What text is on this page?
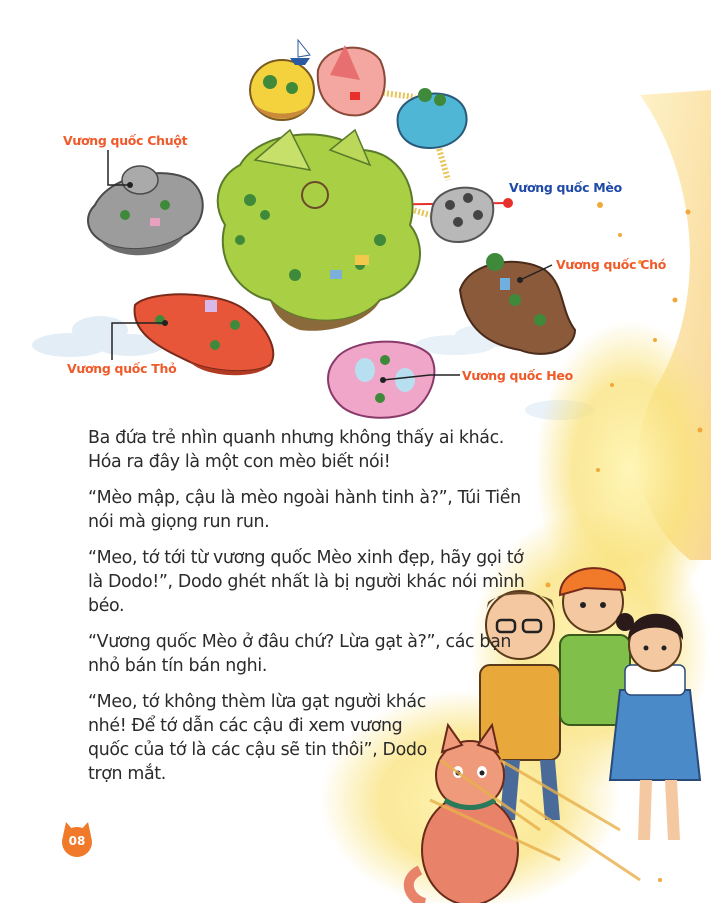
Vương quốc Chuột
Vương quốc Mèo
Vương quốc Chó
Vương quốc Thỏ	Vương quốc Heo

Ba đứa trẻ nhìn quanh nhưng không thấy ai khác. Hóa ra đây là một con mèo biết nói!

“Mèo mập, cậu là mèo ngoài hành tinh à?”, Túi Tiền nói mà giọng run run.

“Meo, tớ tới từ vương quốc Mèo xinh đẹp, hãy gọi tớ là Dodo!”, Dodo ghét nhất là bị người khác nói mình béo.

“Vương quốc Mèo ở đâu chứ? Lừa gạt à?”, các bạn nhỏ bán tín bán nghi.

“Meo, tớ không thèm lừa gạt người khác nhé! Để tớ dẫn các cậu đi xem vương quốc của tớ là các cậu sẽ tin thôi”, Dodo trợn mắt.

08
